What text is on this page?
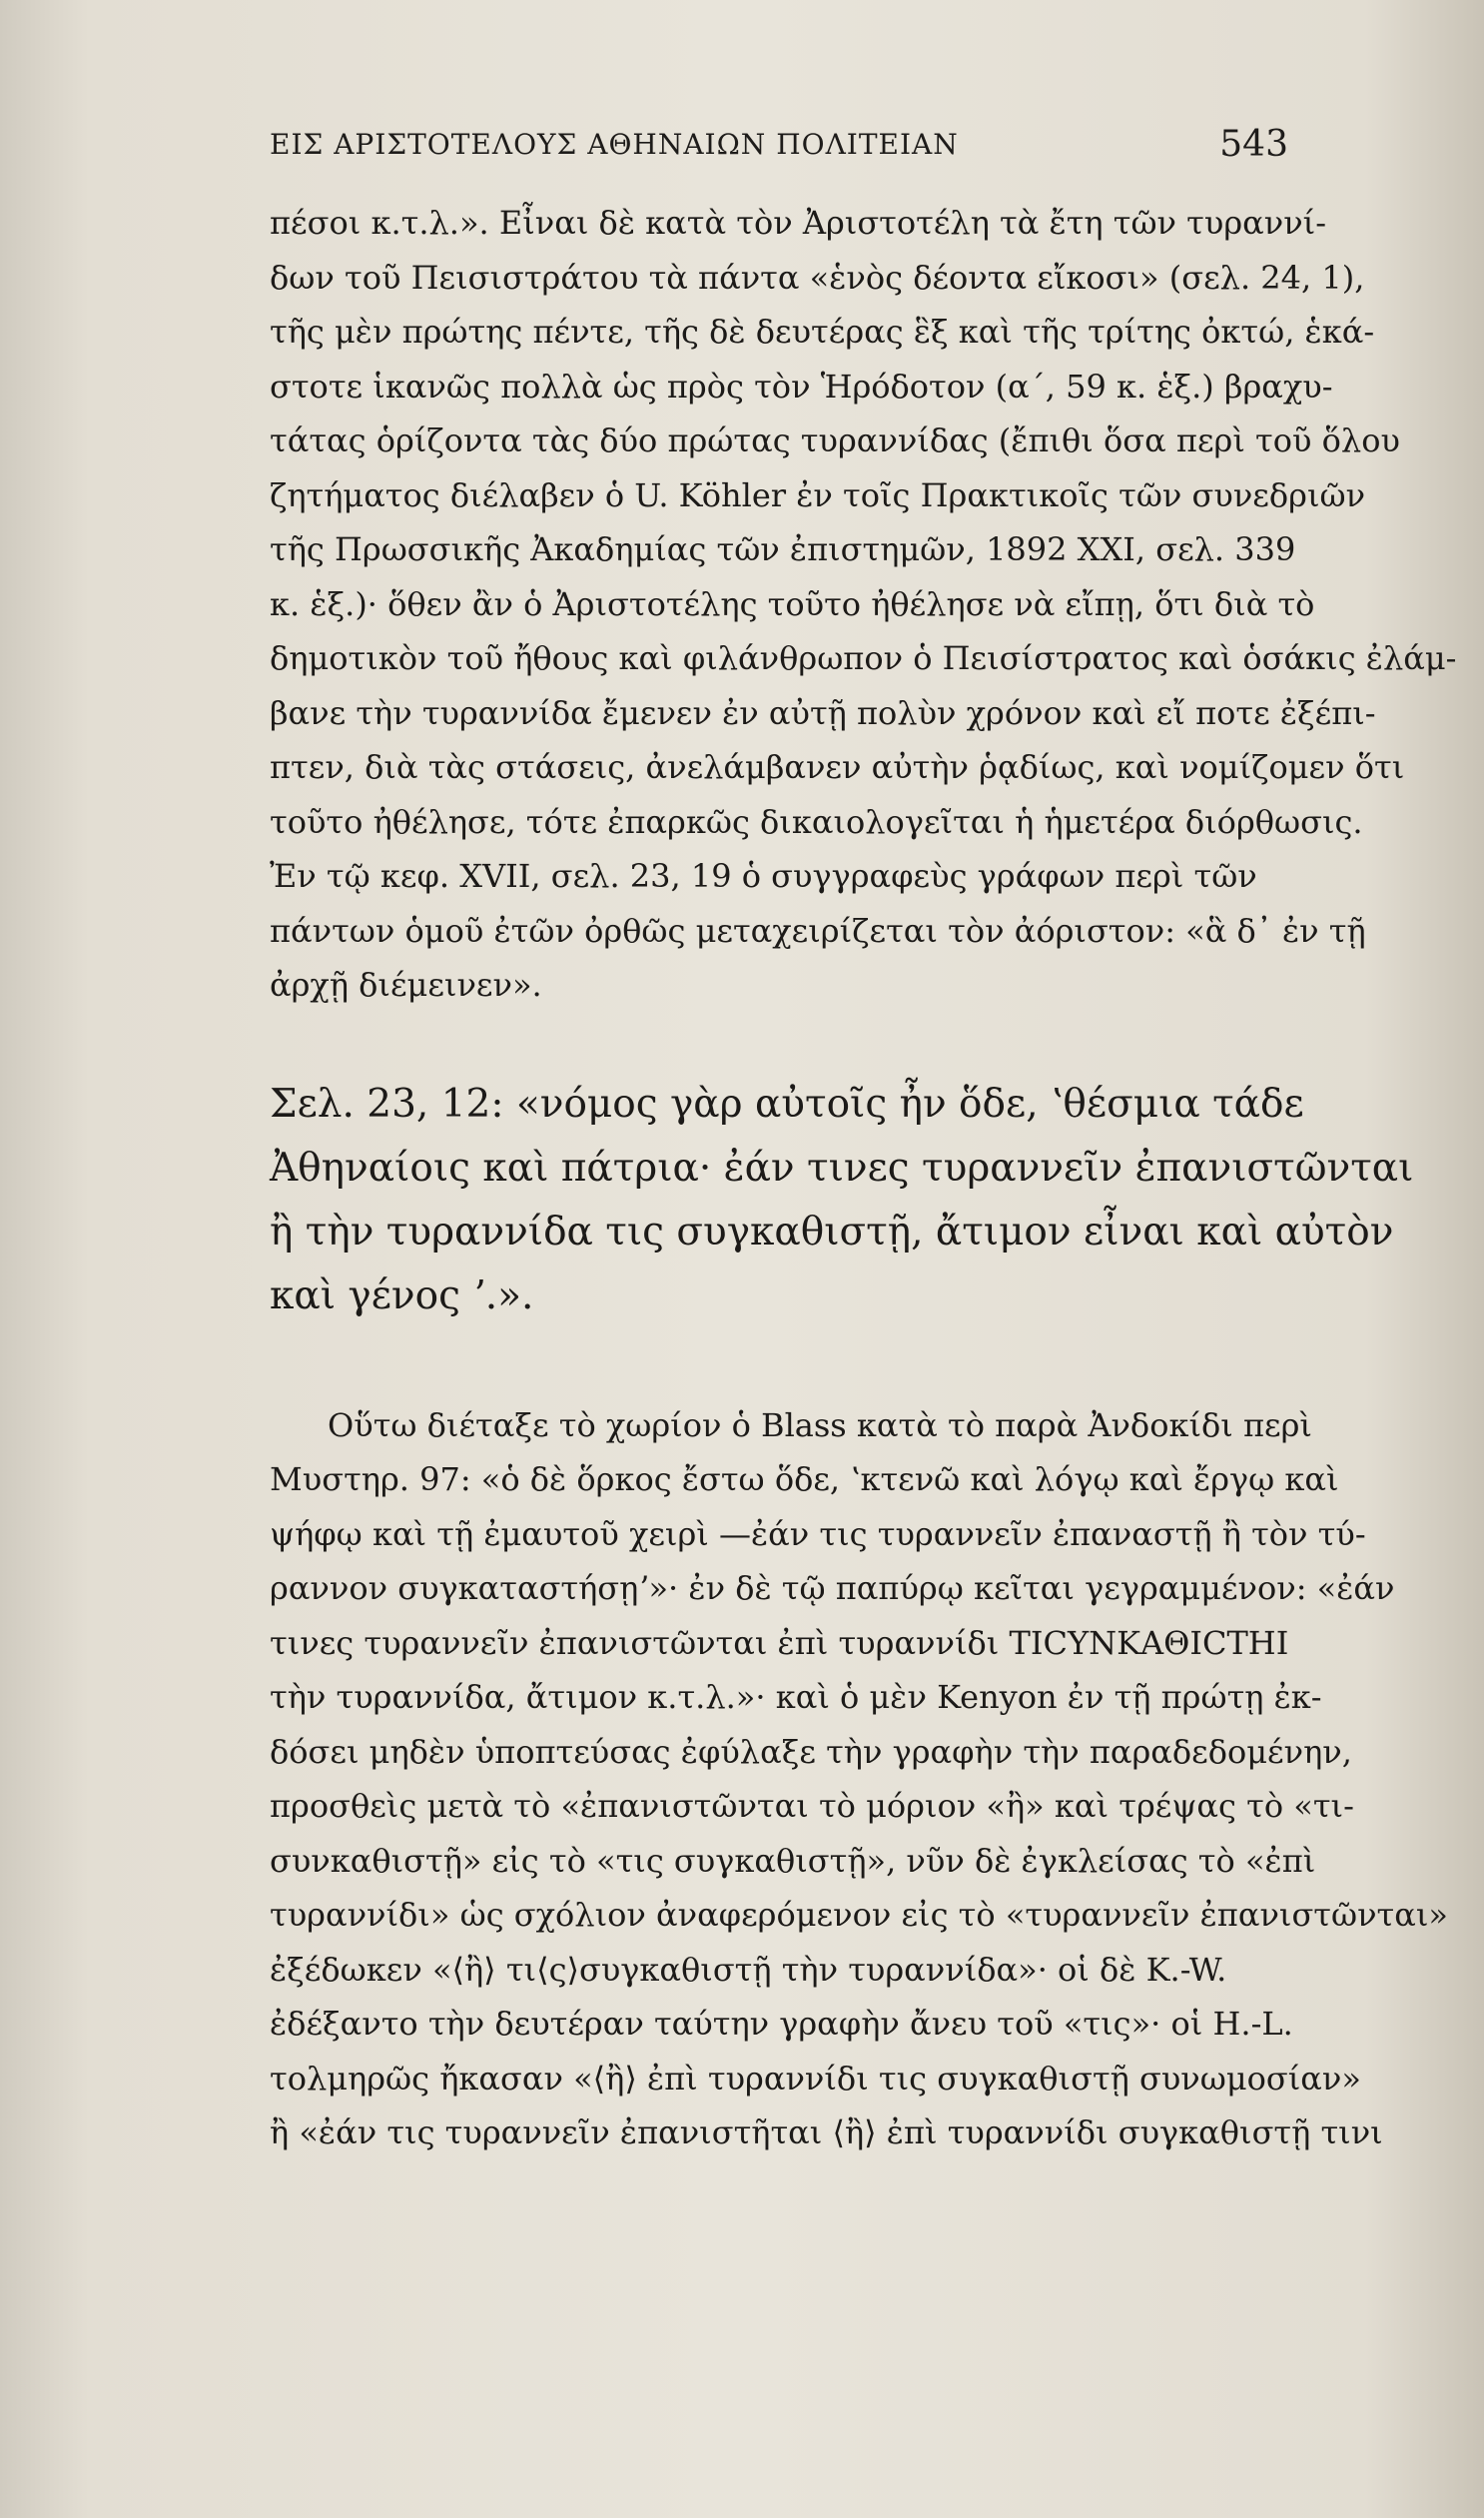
ΕΙΣ ΑΡΙΣΤΟΤΕΛΟΥΣ ΑΘΗΝΑΙΩΝ ΠΟΛΙΤΕΙΑΝ	543
πέσοι κ.τ.λ.». Εἶναι δὲ κατὰ τὸν Ἀριστοτέλη τὰ ἔτη τῶν τυραννί-
δων τοῦ Πεισιστράτου τὰ πάντα «ἑνὸς δέοντα εἴκοσι» (σελ. 24, 1),
τῆς μὲν πρώτης πέντε, τῆς δὲ δευτέρας ἓξ καὶ τῆς τρίτης ὀκτώ, ἑκά-
στοτε ἱκανῶς πολλὰ ὡς πρὸς τὸν Ἡρόδοτον (α΄, 59 κ. ἑξ.) βραχυ-
τάτας ὁρίζοντα τὰς δύο πρώτας τυραννίδας (ἔπιθι ὅσα περὶ τοῦ ὅλου
ζητήματος διέλαβεν ὁ U. Köhler ἐν τοῖς Πρακτικοῖς τῶν συνεδριῶν
τῆς Πρωσσικῆς Ἀκαδημίας τῶν ἐπιστημῶν, 1892 XXI, σελ. 339
κ. ἑξ.)· ὅθεν ἂν ὁ Ἀριστοτέλης τοῦτο ἠθέλησε νὰ εἴπῃ, ὅτι διὰ τὸ
δημοτικὸν τοῦ ἤθους καὶ φιλάνθρωπον ὁ Πεισίστρατος καὶ ὁσάκις ἐλάμ-
βανε τὴν τυραννίδα ἔμενεν ἐν αὐτῇ πολὺν χρόνον καὶ εἴ ποτε ἐξέπι-
πτεν, διὰ τὰς στάσεις, ἀνελάμβανεν αὐτὴν ῥᾳδίως, καὶ νομίζομεν ὅτι
τοῦτο ἠθέλησε, τότε ἐπαρκῶς δικαιολογεῖται ἡ ἡμετέρα διόρθωσις.
Ἐν τῷ κεφ. XVII, σελ. 23, 19 ὁ συγγραφεὺς γράφων περὶ τῶν
πάντων ὁμοῦ ἐτῶν ὀρθῶς μεταχειρίζεται τὸν ἀόριστον: «ἃ δ᾽ ἐν τῇ
ἀρχῇ διέμεινεν».
Σελ. 23, 12: «νόμος γὰρ αὐτοῖς ἦν ὅδε, ʽθέσμια τάδε
Ἀθηναίοις καὶ πάτρια· ἐάν τινες τυραννεῖν ἐπανιστῶνται
ἢ τὴν τυραννίδα τις συγκαθιστῇ, ἄτιμον εἶναι καὶ αὐτὸν
καὶ γένος ʼ.».
Οὕτω διέταξε τὸ χωρίον ὁ Blass κατὰ τὸ παρὰ Ἀνδοκίδι περὶ
Μυστηρ. 97: «ὁ δὲ ὅρκος ἔστω ὅδε, ʽκτενῶ καὶ λόγῳ καὶ ἔργῳ καὶ
ψήφῳ καὶ τῇ ἐμαυτοῦ χειρὶ —ἐάν τις τυραννεῖν ἐπαναστῇ ἢ τὸν τύ-
ραννον συγκαταστήσῃʼ»· ἐν δὲ τῷ παπύρῳ κεῖται γεγραμμένον: «ἐάν
τινες τυραννεῖν ἐπανιστῶνται ἐπὶ τυραννίδι ΤΙϹΥΝΚΑΘΙϹΤΗΙ
τὴν τυραννίδα, ἄτιμον κ.τ.λ.»· καὶ ὁ μὲν Kenyon ἐν τῇ πρώτῃ ἐκ-
δόσει μηδὲν ὑποπτεύσας ἐφύλαξε τὴν γραφὴν τὴν παραδεδομένην,
προσθεὶς μετὰ τὸ «ἐπανιστῶνται τὸ μόριον «ἢ» καὶ τρέψας τὸ «τι-
συνκαθιστῇ» εἰς τὸ «τις συγκαθιστῇ», νῦν δὲ ἐγκλείσας τὸ «ἐπὶ
τυραννίδι» ὡς σχόλιον ἀναφερόμενον εἰς τὸ «τυραννεῖν ἐπανιστῶνται»
ἐξέδωκεν «⟨ἢ⟩ τι⟨ς⟩συγκαθιστῇ τὴν τυραννίδα»· οἱ δὲ K.-W.
ἐδέξαντο τὴν δευτέραν ταύτην γραφὴν ἄνευ τοῦ «τις»· οἱ H.-L.
τολμηρῶς ἤκασαν «⟨ἢ⟩ ἐπὶ τυραννίδι τις συγκαθιστῇ συνωμοσίαν»
ἢ «ἐάν τις τυραννεῖν ἐπανιστῆται ⟨ἢ⟩ ἐπὶ τυραννίδι συγκαθιστῇ τινι
